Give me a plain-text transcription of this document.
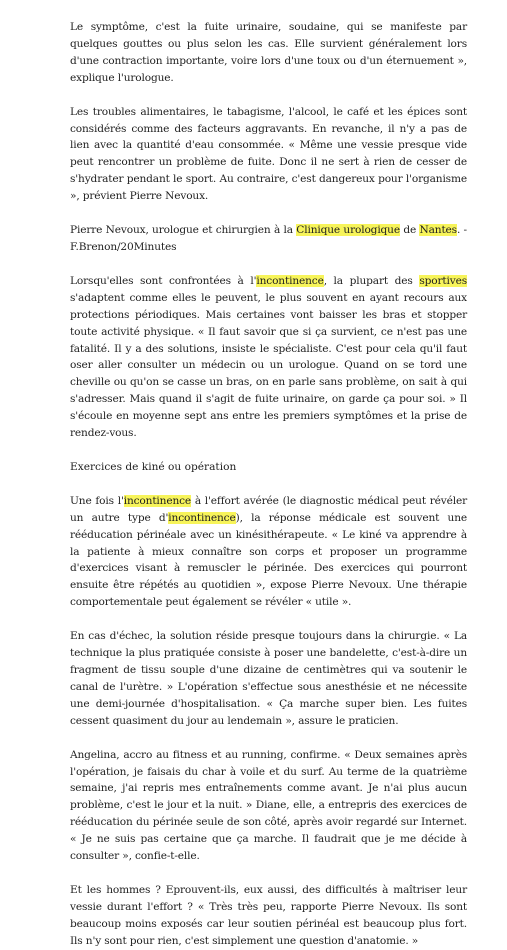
Le symptôme, c'est la fuite urinaire, soudaine, qui se manifeste par quelques gouttes ou plus selon les cas. Elle survient généralement lors d'une contraction importante, voire lors d'une toux ou d'un éternuement », explique l'urologue.

Les troubles alimentaires, le tabagisme, l'alcool, le café et les épices sont considérés comme des facteurs aggravants. En revanche, il n'y a pas de lien avec la quantité d'eau consommée. « Même une vessie presque vide peut rencontrer un problème de fuite. Donc il ne sert à rien de cesser de s'hydrater pendant le sport. Au contraire, c'est dangereux pour l'organisme », prévient Pierre Nevoux.

Pierre Nevoux, urologue et chirurgien à la Clinique urologique de Nantes. - F.Brenon/20Minutes

Lorsqu'elles sont confrontées à l'incontinence, la plupart des sportives s'adaptent comme elles le peuvent, le plus souvent en ayant recours aux protections périodiques. Mais certaines vont baisser les bras et stopper toute activité physique. « Il faut savoir que si ça survient, ce n'est pas une fatalité. Il y a des solutions, insiste le spécialiste. C'est pour cela qu'il faut oser aller consulter un médecin ou un urologue. Quand on se tord une cheville ou qu'on se casse un bras, on en parle sans problème, on sait à qui s'adresser. Mais quand il s'agit de fuite urinaire, on garde ça pour soi. » Il s'écoule en moyenne sept ans entre les premiers symptômes et la prise de rendez-vous.

Exercices de kiné ou opération

Une fois l'incontinence à l'effort avérée (le diagnostic médical peut révéler un autre type d'incontinence), la réponse médicale est souvent une rééducation périnéale avec un kinésithérapeute. « Le kiné va apprendre à la patiente à mieux connaître son corps et proposer un programme d'exercices visant à remuscler le périnée. Des exercices qui pourront ensuite être répétés au quotidien », expose Pierre Nevoux. Une thérapie comportementale peut également se révéler « utile ».

En cas d'échec, la solution réside presque toujours dans la chirurgie. « La technique la plus pratiquée consiste à poser une bandelette, c'est-à-dire un fragment de tissu souple d'une dizaine de centimètres qui va soutenir le canal de l'urètre. » L'opération s'effectue sous anesthésie et ne nécessite une demi-journée d'hospitalisation. « Ça marche super bien. Les fuites cessent quasiment du jour au lendemain », assure le praticien.

Angelina, accro au fitness et au running, confirme. « Deux semaines après l'opération, je faisais du char à voile et du surf. Au terme de la quatrième semaine, j'ai repris mes entraînements comme avant. Je n'ai plus aucun problème, c'est le jour et la nuit. » Diane, elle, a entrepris des exercices de rééducation du périnée seule de son côté, après avoir regardé sur Internet. « Je ne suis pas certaine que ça marche. Il faudrait que je me décide à consulter », confie-t-elle.

Et les hommes ? Eprouvent-ils, eux aussi, des difficultés à maîtriser leur vessie durant l'effort ? « Très très peu, rapporte Pierre Nevoux. Ils sont beaucoup moins exposés car leur soutien périnéal est beaucoup plus fort. Ils n'y sont pour rien, c'est simplement une question d'anatomie. »
